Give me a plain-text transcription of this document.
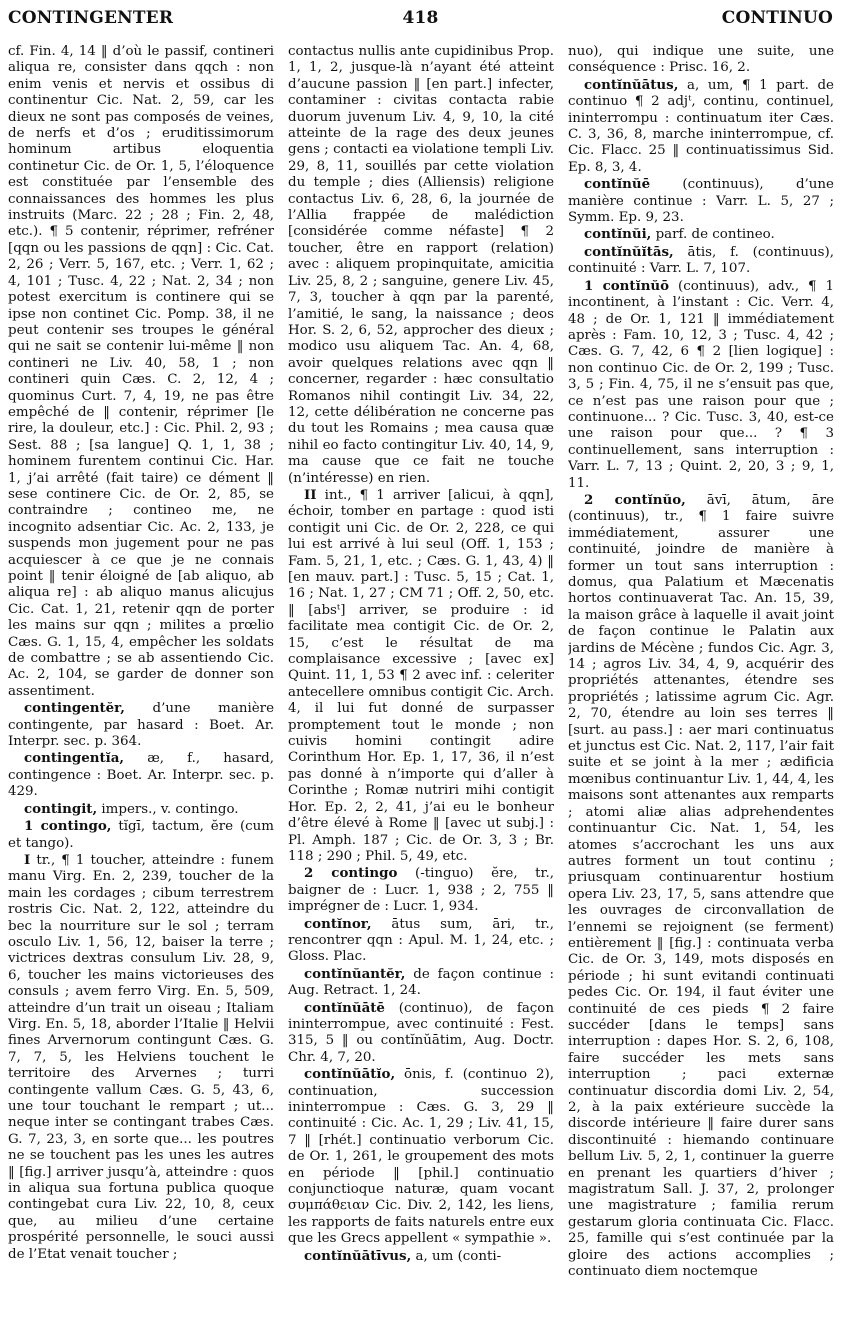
CONTINGENTER	418	CONTINUO

cf. Fin. 4, 14 ‖ d’où le passif, contineri aliqua re, consister dans qqch : non enim venis et nervis et ossibus di continentur Cic. Nat. 2, 59, car les dieux ne sont pas composés de veines, de nerfs et d’os ; eruditissimorum hominum artibus eloquentia continetur Cic. de Or. 1, 5, l’éloquence est constituée par l’ensemble des connaissances des hommes les plus instruits (Marc. 22 ; 28 ; Fin. 2, 48, etc.). ¶ 5 contenir, réprimer, refréner [qqn ou les passions de qqn] : Cic. Cat. 2, 26 ; Verr. 5, 167, etc. ; Verr. 1, 62 ; 4, 101 ; Tusc. 4, 22 ; Nat. 2, 34 ; non potest exercitum is continere qui se ipse non continet Cic. Pomp. 38, il ne peut contenir ses troupes le général qui ne sait se contenir lui-même ‖ non contineri ne Liv. 40, 58, 1 ; non contineri quin Cæs. C. 2, 12, 4 ; quominus Curt. 7, 4, 19, ne pas être empêché de ‖ contenir, réprimer [le rire, la douleur, etc.] : Cic. Phil. 2, 93 ; Sest. 88 ; [sa langue] Q. 1, 1, 38 ; hominem furentem continui Cic. Har. 1, j’ai arrêté (fait taire) ce dément ‖ sese continere Cic. de Or. 2, 85, se contraindre ; contineo me, ne incognito adsentiar Cic. Ac. 2, 133, je suspends mon jugement pour ne pas acquiescer à ce que je ne connais point ‖ tenir éloigné de [ab aliquo, ab aliqua re] : ab aliquo manus alicujus Cic. Cat. 1, 21, retenir qqn de porter les mains sur qqn ; milites a prœlio Cæs. G. 1, 15, 4, empêcher les soldats de combattre ; se ab assentiendo Cic. Ac. 2, 104, se garder de donner son assentiment.

contingentĕr, d’une manière contingente, par hasard : Boet. Ar. Interpr. sec. p. 364.

contingentĭa, æ, f., hasard, contingence : Boet. Ar. Interpr. sec. p. 429.

contingit, impers., v. contingo.

1 contingo, tĭgī, tactum, ĕre (cum et tango).

I tr., ¶ 1 toucher, atteindre : funem manu Virg. En. 2, 239, toucher de la main les cordages ; cibum terrestrem rostris Cic. Nat. 2, 122, atteindre du bec la nourriture sur le sol ; terram osculo Liv. 1, 56, 12, baiser la terre ; victrices dextras consulum Liv. 28, 9, 6, toucher les mains victorieuses des consuls ; avem ferro Virg. En. 5, 509, atteindre d’un trait un oiseau ; Italiam Virg. En. 5, 18, aborder l’Italie ‖ Helvii fines Arvernorum contingunt Cæs. G. 7, 7, 5, les Helviens touchent le territoire des Arvernes ; turri contingente vallum Cæs. G. 5, 43, 6, une tour touchant le rempart ; ut... neque inter se contingant trabes Cæs. G. 7, 23, 3, en sorte que... les poutres ne se touchent pas les unes les autres ‖ [fig.] arriver jusqu’à, atteindre : quos in aliqua sua fortuna publica quoque contingebat cura Liv. 22, 10, 8, ceux que, au milieu d’une certaine prospérité personnelle, le souci aussi de l’Etat venait toucher ;

contactus nullis ante cupidinibus Prop. 1, 1, 2, jusque-là n’ayant été atteint d’aucune passion ‖ [en part.] infecter, contaminer : civitas contacta rabie duorum juvenum Liv. 4, 9, 10, la cité atteinte de la rage des deux jeunes gens ; contacti ea violatione templi Liv. 29, 8, 11, souillés par cette violation du temple ; dies (Alliensis) religione contactus Liv. 6, 28, 6, la journée de l’Allia frappée de malédiction [considérée comme néfaste] ¶ 2 toucher, être en rapport (relation) avec : aliquem propinquitate, amicitia Liv. 25, 8, 2 ; sanguine, genere Liv. 45, 7, 3, toucher à qqn par la parenté, l’amitié, le sang, la naissance ; deos Hor. S. 2, 6, 52, approcher des dieux ; modico usu aliquem Tac. An. 4, 68, avoir quelques relations avec qqn ‖ concerner, regarder : hæc consultatio Romanos nihil contingit Liv. 34, 22, 12, cette délibération ne concerne pas du tout les Romains ; mea causa quæ nihil eo facto contingitur Liv. 40, 14, 9, ma cause que ce fait ne touche (n’intéresse) en rien.

II int., ¶ 1 arriver [alicui, à qqn], échoir, tomber en partage : quod isti contigit uni Cic. de Or. 2, 228, ce qui lui est arrivé à lui seul (Off. 1, 153 ; Fam. 5, 21, 1, etc. ; Cæs. G. 1, 43, 4) ‖ [en mauv. part.] : Tusc. 5, 15 ; Cat. 1, 16 ; Nat. 1, 27 ; CM 71 ; Off. 2, 50, etc. ‖ [absᵗ] arriver, se produire : id facilitate mea contigit Cic. de Or. 2, 15, c’est le résultat de ma complaisance excessive ; [avec ex] Quint. 11, 1, 53 ¶ 2 avec inf. : celeriter antecellere omnibus contigit Cic. Arch. 4, il lui fut donné de surpasser promptement tout le monde ; non cuivis homini contingit adire Corinthum Hor. Ep. 1, 17, 36, il n’est pas donné à n’importe qui d’aller à Corinthe ; Romæ nutriri mihi contigit Hor. Ep. 2, 2, 41, j’ai eu le bonheur d’être élevé à Rome ‖ [avec ut subj.] : Pl. Amph. 187 ; Cic. de Or. 3, 3 ; Br. 118 ; 290 ; Phil. 5, 49, etc.

2 contingo (-tinguo) ĕre, tr., baigner de : Lucr. 1, 938 ; 2, 755 ‖ imprégner de : Lucr. 1, 934.

contĭnor, ātus sum, āri, tr., rencontrer qqn : Apul. M. 1, 24, etc. ; Gloss. Plac.

contĭnŭantĕr, de façon continue : Aug. Retract. 1, 24.

contĭnŭātē (continuo), de façon ininterrompue, avec continuité : Fest. 315, 5 ‖ ou contĭnŭātim, Aug. Doctr. Chr. 4, 7, 20.

contĭnŭātĭo, ōnis, f. (continuo 2), continuation, succession ininterrompue : Cæs. G. 3, 29 ‖ continuité : Cic. Ac. 1, 29 ; Liv. 41, 15, 7 ‖ [rhét.] continuatio verborum Cic. de Or. 1, 261, le groupement des mots en période ‖ [phil.] continuatio conjunctioque naturæ, quam vocant συμπάθειαν Cic. Div. 2, 142, les liens, les rapports de faits naturels entre eux que les Grecs appellent « sympathie ».

contĭnŭātīvus, a, um (conti-

nuo), qui indique une suite, une conséquence : Prisc. 16, 2.

contĭnŭātus, a, um, ¶ 1 part. de continuo ¶ 2 adjᵗ, continu, continuel, ininterrompu : continuatum iter Cæs. C. 3, 36, 8, marche ininterrompue, cf. Cic. Flacc. 25 ‖ continuatissimus Sid. Ep. 8, 3, 4.

contĭnŭē (continuus), d’une manière continue : Varr. L. 5, 27 ; Symm. Ep. 9, 23.

contĭnŭi, parf. de contineo.

contĭnŭĭtās, ātis, f. (continuus), continuité : Varr. L. 7, 107.

1 contĭnŭō (continuus), adv., ¶ 1 incontinent, à l’instant : Cic. Verr. 4, 48 ; de Or. 1, 121 ‖ immédiatement après : Fam. 10, 12, 3 ; Tusc. 4, 42 ; Cæs. G. 7, 42, 6 ¶ 2 [lien logique] : non continuo Cic. de Or. 2, 199 ; Tusc. 3, 5 ; Fin. 4, 75, il ne s’ensuit pas que, ce n’est pas une raison pour que ; continuone... ? Cic. Tusc. 3, 40, est-ce une raison pour que... ? ¶ 3 continuellement, sans interruption : Varr. L. 7, 13 ; Quint. 2, 20, 3 ; 9, 1, 11.

2 contĭnŭo, āvī, ātum, āre (continuus), tr., ¶ 1 faire suivre immédiatement, assurer une continuité, joindre de manière à former un tout sans interruption : domus, qua Palatium et Mæcenatis hortos continuaverat Tac. An. 15, 39, la maison grâce à laquelle il avait joint de façon continue le Palatin aux jardins de Mécène ; fundos Cic. Agr. 3, 14 ; agros Liv. 34, 4, 9, acquérir des propriétés attenantes, étendre ses propriétés ; latissime agrum Cic. Agr. 2, 70, étendre au loin ses terres ‖ [surt. au pass.] : aer mari continuatus et junctus est Cic. Nat. 2, 117, l’air fait suite et se joint à la mer ; ædificia mœnibus continuantur Liv. 1, 44, 4, les maisons sont attenantes aux remparts ; atomi aliæ alias adprehendentes continuantur Cic. Nat. 1, 54, les atomes s’accrochant les uns aux autres forment un tout continu ; priusquam continuarentur hostium opera Liv. 23, 17, 5, sans attendre que les ouvrages de circonvallation de l’ennemi se rejoignent (se ferment) entièrement ‖ [fig.] : continuata verba Cic. de Or. 3, 149, mots disposés en période ; hi sunt evitandi continuati pedes Cic. Or. 194, il faut éviter une continuité de ces pieds ¶ 2 faire succéder [dans le temps] sans interruption : dapes Hor. S. 2, 6, 108, faire succéder les mets sans interruption ; paci externæ continuatur discordia domi Liv. 2, 54, 2, à la paix extérieure succède la discorde intérieure ‖ faire durer sans discontinuité : hiemando continuare bellum Liv. 5, 2, 1, continuer la guerre en prenant les quartiers d’hiver ; magistratum Sall. J. 37, 2, prolonger une magistrature ; familia rerum gestarum gloria continuata Cic. Flacc. 25, famille qui s’est continuée par la gloire des actions accomplies ; continuato diem noctemque
